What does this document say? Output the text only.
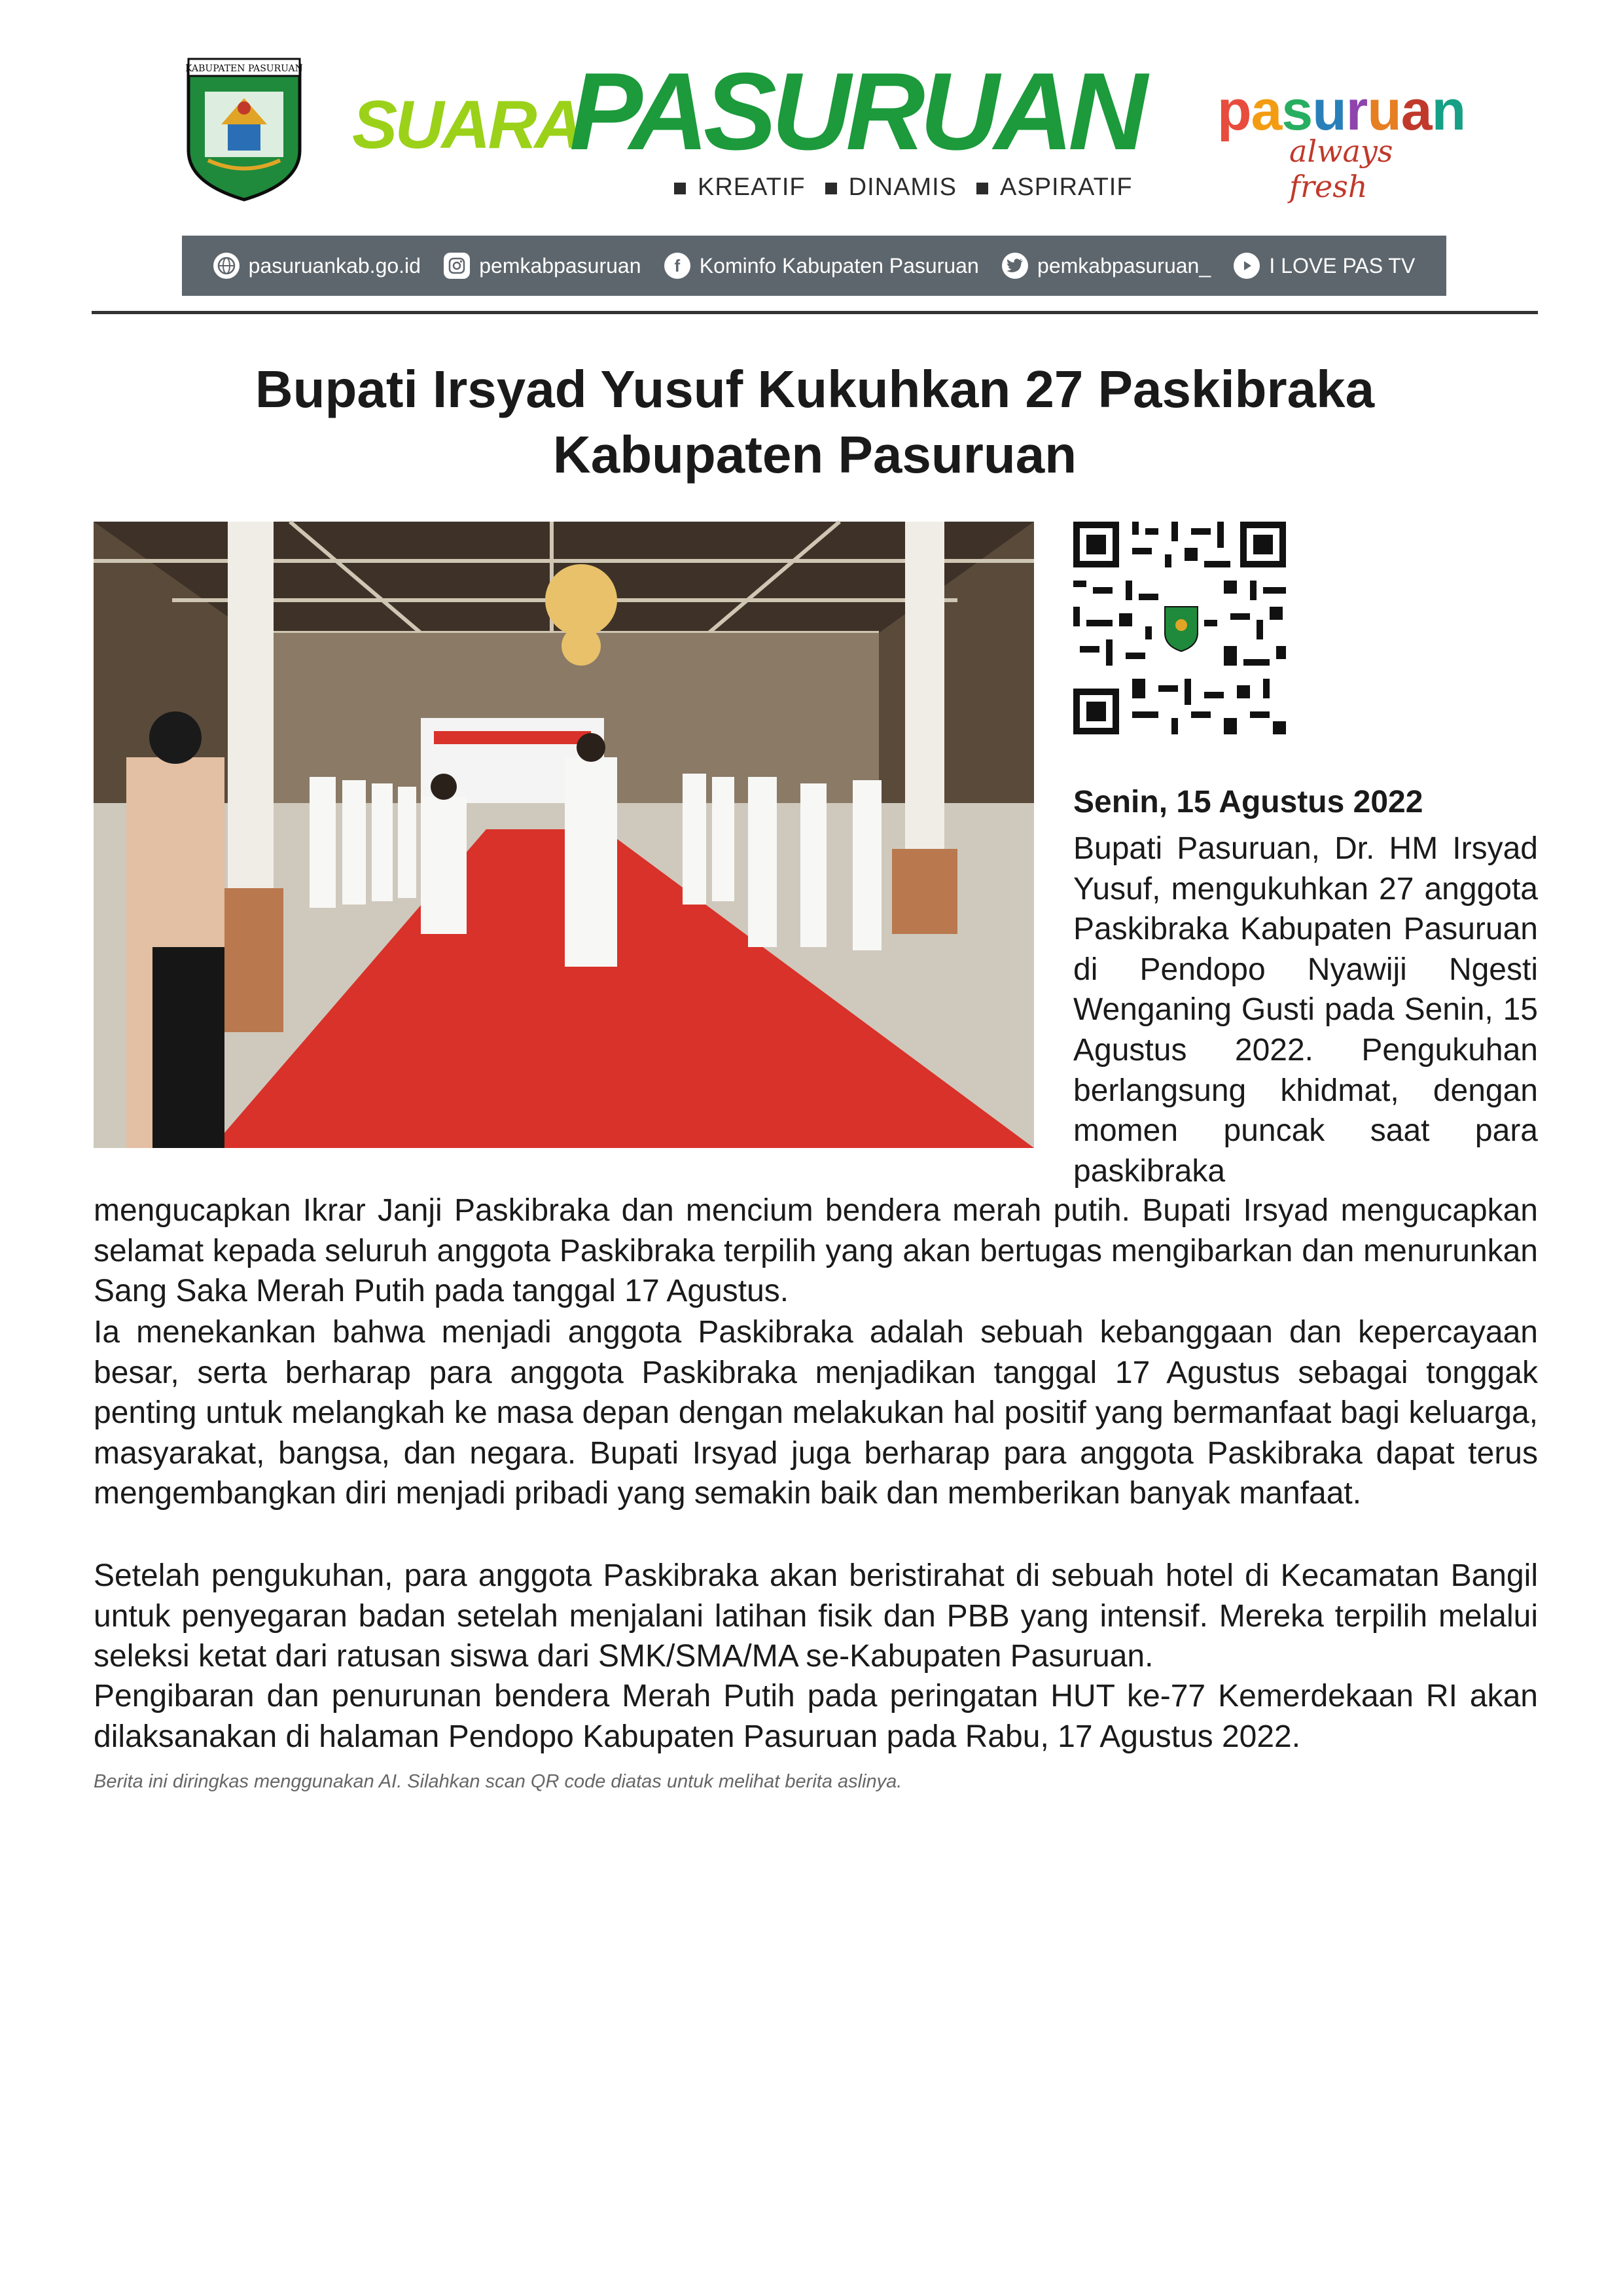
KABUPATEN PASURUAN
SUARA
PASURUAN
KREATIF	DINAMIS	ASPIRATIF
pasuruan
always fresh
pasuruankab.go.id	pemkabpasuruan	f Kominfo Kabupaten Pasuruan	pemkabpasuruan_	I LOVE PAS TV
Bupati Irsyad Yusuf Kukuhkan 27 Paskibraka
Kabupaten Pasuruan
Senin, 15 Agustus 2022
Bupati Pasuruan, Dr. HM Irsyad Yusuf, mengukuhkan 27 anggota Paskibraka Kabupaten Pasuruan di Pendopo Nyawiji Ngesti Wenganing Gusti pada Senin, 15 Agustus 2022. Pengukuhan berlangsung khidmat, dengan momen puncak saat para paskibraka
mengucapkan Ikrar Janji Paskibraka dan mencium bendera merah putih. Bupati Irsyad mengucapkan selamat kepada seluruh anggota Paskibraka terpilih yang akan bertugas mengibarkan dan menurunkan Sang Saka Merah Putih pada tanggal 17 Agustus.
Ia menekankan bahwa menjadi anggota Paskibraka adalah sebuah kebanggaan dan kepercayaan besar, serta berharap para anggota Paskibraka menjadikan tanggal 17 Agustus sebagai tonggak penting untuk melangkah ke masa depan dengan melakukan hal positif yang bermanfaat bagi keluarga, masyarakat, bangsa, dan negara. Bupati Irsyad juga berharap para anggota Paskibraka dapat terus mengembangkan diri menjadi pribadi yang semakin baik dan memberikan banyak manfaat.
Setelah pengukuhan, para anggota Paskibraka akan beristirahat di sebuah hotel di Kecamatan Bangil untuk penyegaran badan setelah menjalani latihan fisik dan PBB yang intensif. Mereka terpilih melalui seleksi ketat dari ratusan siswa dari SMK/SMA/MA se-Kabupaten Pasuruan.
Pengibaran dan penurunan bendera Merah Putih pada peringatan HUT ke-77 Kemerdekaan RI akan dilaksanakan di halaman Pendopo Kabupaten Pasuruan pada Rabu, 17 Agustus 2022.
Berita ini diringkas menggunakan AI. Silahkan scan QR code diatas untuk melihat berita aslinya.
